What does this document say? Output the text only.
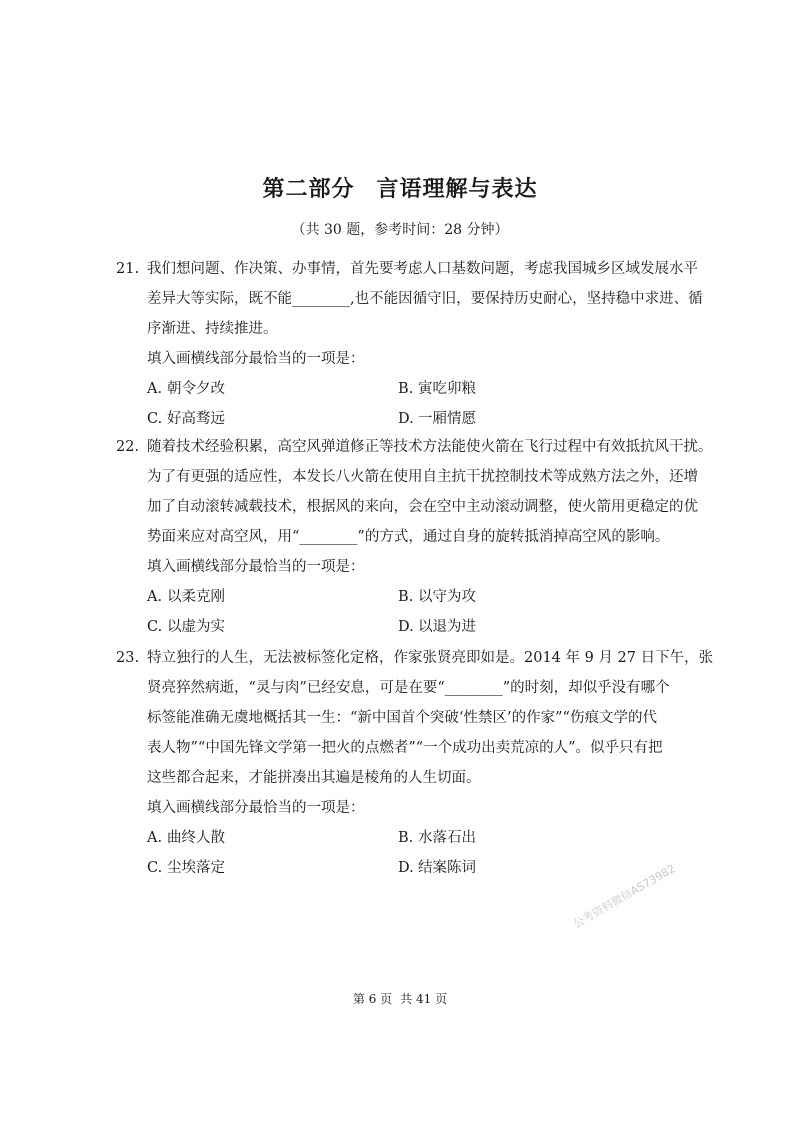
第二部分 言语理解与表达
（共 30 题，参考时间：28 分钟）
21. 我们想问题、作决策、办事情，首先要考虑人口基数问题，考虑我国城乡区域发展水平
差异大等实际，既不能________,也不能因循守旧，要保持历史耐心，坚持稳中求进、循
序渐进、持续推进。
填入画横线部分最恰当的一项是：
A. 朝令夕改	B. 寅吃卯粮
C. 好高骛远	D. 一厢情愿
22. 随着技术经验积累，高空风弹道修正等技术方法能使火箭在飞行过程中有效抵抗风干扰。
为了有更强的适应性，本发长八火箭在使用自主抗干扰控制技术等成熟方法之外，还增
加了自动滚转减载技术，根据风的来向，会在空中主动滚动调整，使火箭用更稳定的优
势面来应对高空风，用“________”的方式，通过自身的旋转抵消掉高空风的影响。
填入画横线部分最恰当的一项是：
A. 以柔克刚	B. 以守为攻
C. 以虚为实	D. 以退为进
23. 特立独行的人生，无法被标签化定格，作家张贤亮即如是。2014 年 9 月 27 日下午，张
贤亮猝然病逝，“灵与肉”已经安息，可是在要“________”的时刻，却似乎没有哪个
标签能准确无虞地概括其一生：“新中国首个突破‘性禁区’的作家”“伤痕文学的代
表人物”“中国先锋文学第一把火的点燃者”“一个成功出卖荒凉的人”。似乎只有把
这些都合起来，才能拼凑出其遍是棱角的人生切面。
填入画横线部分最恰当的一项是：
A. 曲终人散	B. 水落石出
C. 尘埃落定	D. 结案陈词	公考资料微信AS73982
第 6 页 共 41 页
